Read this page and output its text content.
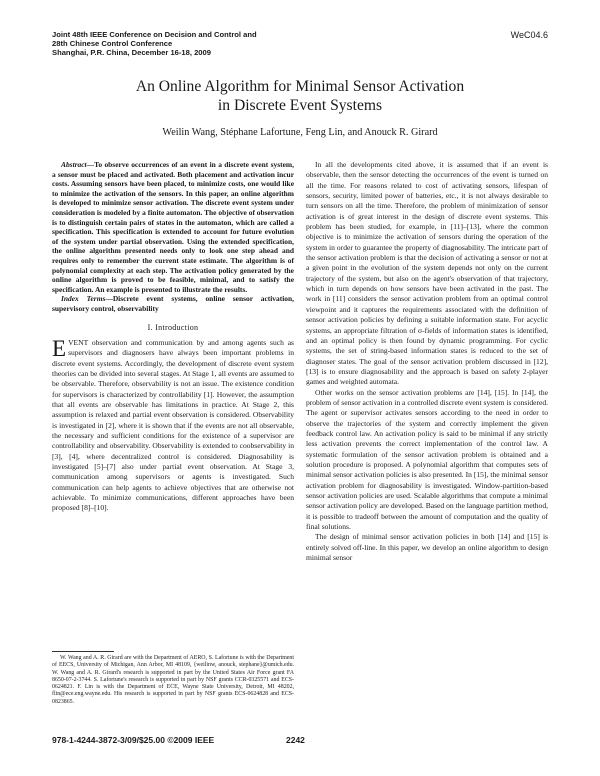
Joint 48th IEEE Conference on Decision and Control and
28th Chinese Control Conference
Shanghai, P.R. China, December 16-18, 2009
WeC04.6
An Online Algorithm for Minimal Sensor Activation
in Discrete Event Systems
Weilin Wang, Stéphane Lafortune, Feng Lin, and Anouck R. Girard

Abstract—To observe occurrences of an event in a discrete event system, a sensor must be placed and activated. Both placement and activation incur costs. Assuming sensors have been placed, to minimize costs, one would like to minimize the activation of the sensors. In this paper, an online algorithm is developed to minimize sensor activation. The discrete event system under consideration is modeled by a finite automaton. The objective of observation is to distinguish certain pairs of states in the automaton, which are called a specification. This specification is extended to account for future evolution of the system under partial observation. Using the extended specification, the online algorithm presented needs only to look one step ahead and requires only to remember the current state estimate. The algorithm is of polynomial complexity at each step. The activation policy generated by the online algorithm is proved to be feasible, minimal, and to satisfy the specification. An example is presented to illustrate the results.

Index Terms—Discrete event systems, online sensor activation, supervisory control, observability

I. Introduction

EVENT observation and communication by and among agents such as supervisors and diagnosers have always been important problems in discrete event systems. Accordingly, the development of discrete event system theories can be divided into several stages. At Stage 1, all events are assumed to be observable. Therefore, observability is not an issue. The existence condition for supervisors is characterized by controllability [1]. However, the assumption that all events are observable has limitations in practice. At Stage 2, this assumption is relaxed and partial event observation is considered. Observability is investigated in [2], where it is shown that if the events are not all observable, the necessary and sufficient conditions for the existence of a supervisor are controllability and observability. Observability is extended to coobservability in [3], [4], where decentralized control is considered. Diagnosability is investigated [5]–[7] also under partial event observation. At Stage 3, communication among supervisors or agents is investigated. Such communication can help agents to achieve objectives that are otherwise not achievable. To minimize communications, different approaches have been proposed [8]–[10].

W. Wang and A. R. Girard are with the Department of AERO, S. Lafortune is with the Department of EECS, University of Michigan, Ann Arbor, MI 48109, {weilinw, anouck, stephane}@umich.edu. W. Wang and A. R. Girard's research is supported in part by the United States Air Force grant FA 8650-07-2-3744. S. Lafortune's research is supported in part by NSF grants CCR-0325571 and ECS-0624821. F. Lin is with the Department of ECE, Wayne State University, Detroit, MI 48202, flin@ece.eng.wayne.edu. His research is supported in part by NSF grants ECS-0624828 and ECS-0823865.

In all the developments cited above, it is assumed that if an event is observable, then the sensor detecting the occurrences of the event is turned on all the time. For reasons related to cost of activating sensors, lifespan of sensors, security, limited power of batteries, etc., it is not always desirable to turn sensors on all the time. Therefore, the problem of minimization of sensor activation is of great interest in the design of discrete event systems. This problem has been studied, for example, in [11]–[13], where the common objective is to minimize the activation of sensors during the operation of the system in order to guarantee the property of diagnosability. The intricate part of the sensor activation problem is that the decision of activating a sensor or not at a given point in the evolution of the system depends not only on the current trajectory of the system, but also on the agent's observation of that trajectory, which in turn depends on how sensors have been activated in the past. The work in [11] considers the sensor activation problem from an optimal control viewpoint and it captures the requirements associated with the definition of sensor activation policies by defining a suitable information state. For acyclic systems, an appropriate filtration of σ-fields of information states is identified, and an optimal policy is then found by dynamic programming. For cyclic systems, the set of string-based information states is reduced to the set of diagnoser states. The goal of the sensor activation problem discussed in [12], [13] is to ensure diagnosability and the approach is based on safety 2-player games and weighted automata.

Other works on the sensor activation problems are [14], [15]. In [14], the problem of sensor activation in a controlled discrete event system is considered. The agent or supervisor activates sensors according to the need in order to observe the trajectories of the system and correctly implement the given feedback control law. An activation policy is said to be minimal if any strictly less activation prevents the correct implementation of the control law. A systematic formulation of the sensor activation problem is obtained and a solution procedure is proposed. A polynomial algorithm that computes sets of minimal sensor activation policies is also presented. In [15], the minimal sensor activation problem for diagnosability is investigated. Window-partition-based sensor activation policies are used. Scalable algorithms that compute a minimal sensor activation policy are developed. Based on the language partition method, it is possible to tradeoff between the amount of computation and the quality of final solutions.

The design of minimal sensor activation policies in both [14] and [15] is entirely solved off-line. In this paper, we develop an online algorithm to design minimal sensor

978-1-4244-3872-3/09/$25.00 ©2009 IEEE	2242
